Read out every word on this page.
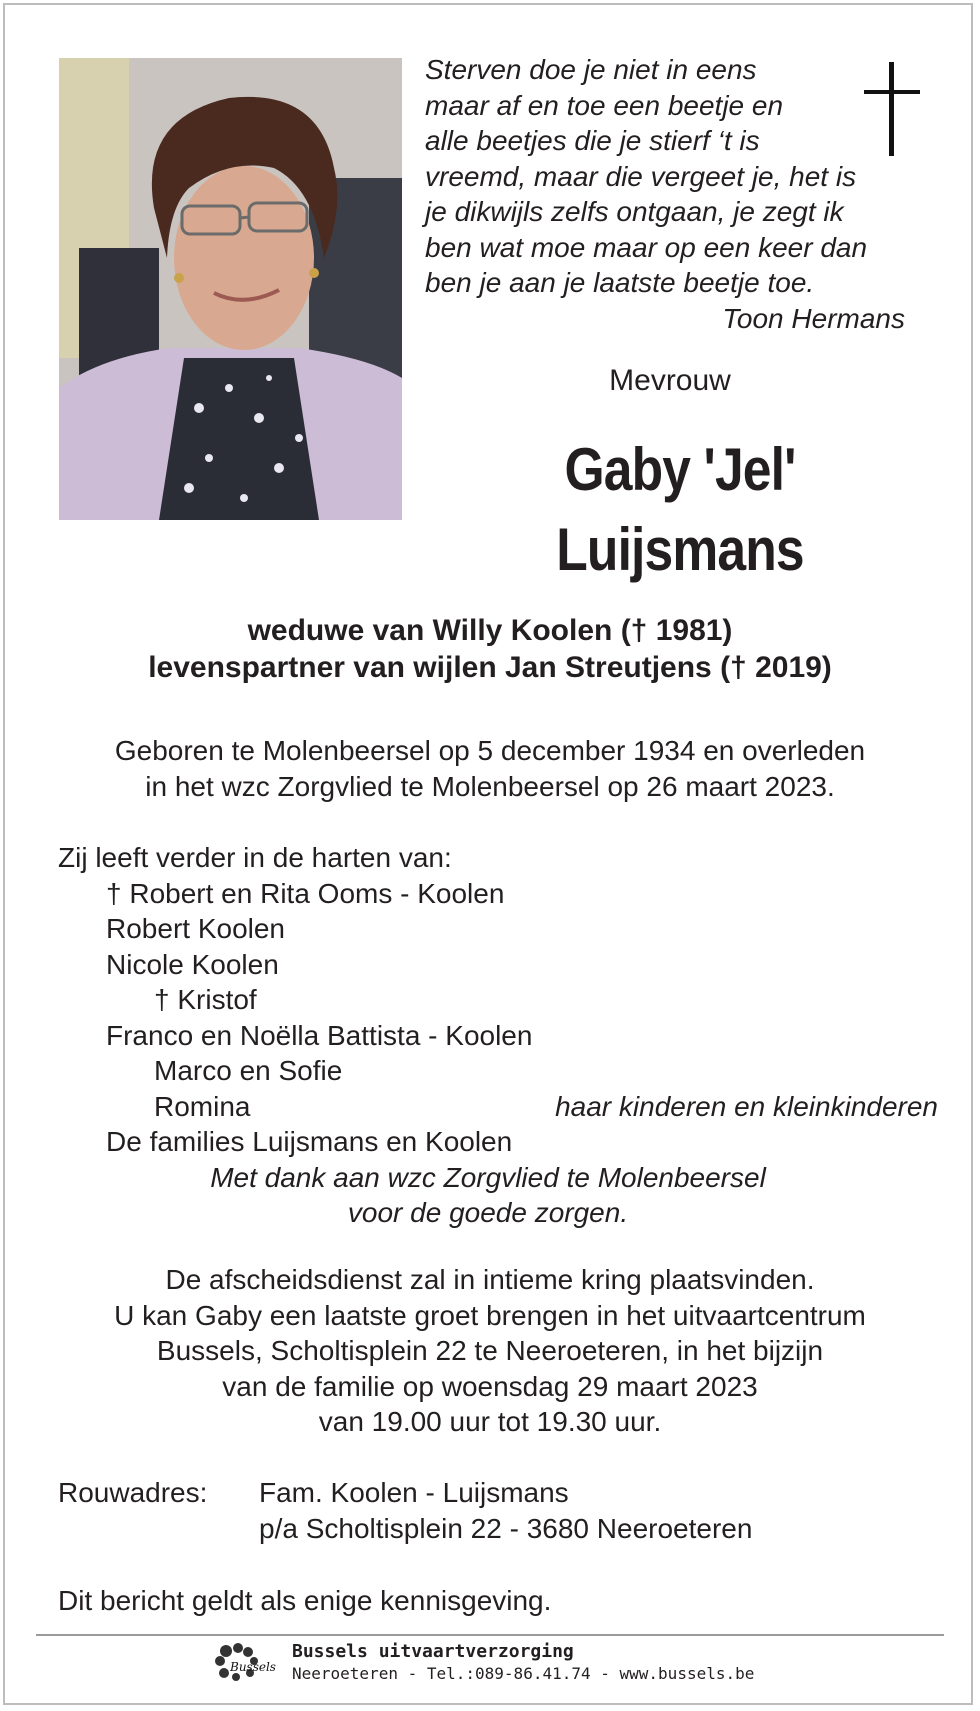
Sterven doe je niet in eens
maar af en toe een beetje en
alle beetjes die je stierf ‘t is
vreemd, maar die vergeet je, het is
je dikwijls zelfs ontgaan, je zegt ik
ben wat moe maar op een keer dan
ben je aan je laatste beetje toe.
Toon Hermans
Mevrouw
Gaby 'Jel'
Luijsmans
weduwe van Willy Koolen († 1981)
levenspartner van wijlen Jan Streutjens († 2019)
Geboren te Molenbeersel op 5 december 1934 en overleden
in het wzc Zorgvlied te Molenbeersel op 26 maart 2023.
Zij leeft verder in de harten van:
† Robert en Rita Ooms - Koolen
Robert Koolen
Nicole Koolen
† Kristof
Franco en Noëlla Battista - Koolen
Marco en Sofie
Romina	haar kinderen en kleinkinderen
De families Luijsmans en Koolen
Met dank aan wzc Zorgvlied te Molenbeersel
voor de goede zorgen.
De afscheidsdienst zal in intieme kring plaatsvinden.
U kan Gaby een laatste groet brengen in het uitvaartcentrum
Bussels, Scholtisplein 22 te Neeroeteren, in het bijzijn
van de familie op woensdag 29 maart 2023
van 19.00 uur tot 19.30 uur.
Rouwadres: Fam. Koolen - Luijsmans
p/a Scholtisplein 22 - 3680 Neeroeteren
Dit bericht geldt als enige kennisgeving.
Bussels
Bussels uitvaartverzorging
Neeroeteren - Tel.:089-86.41.74 - www.bussels.be
